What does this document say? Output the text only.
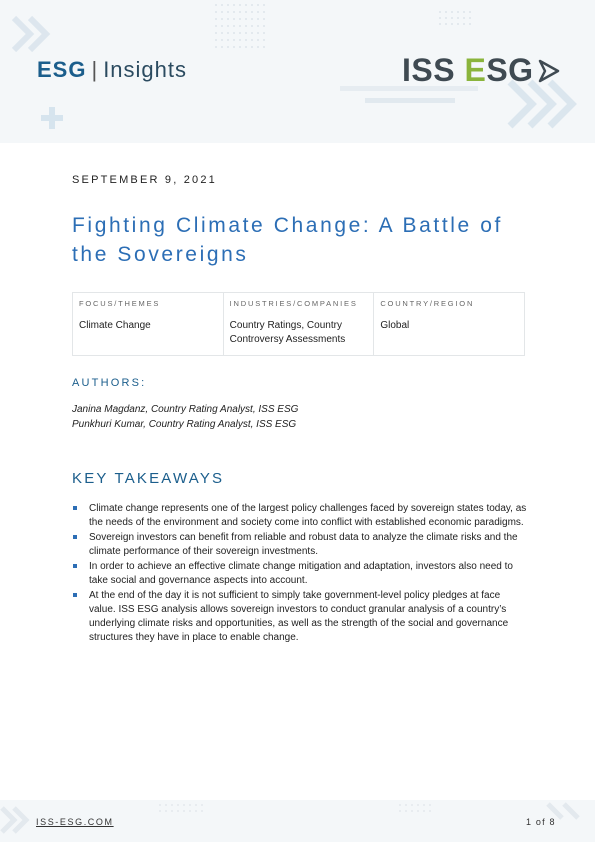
ESG | Insights	ISS E SG
SEPTEMBER 9, 2021
Fighting Climate Change: A Battle of the Sovereigns
FOCUS/THEMES
Climate Change
INDUSTRIES/COMPANIES
Country Ratings, Country Controversy Assessments
COUNTRY/REGION
Global
AUTHORS:
Janina Magdanz, Country Rating Analyst, ISS ESG
Punkhuri Kumar, Country Rating Analyst, ISS ESG
KEY TAKEAWAYS
Climate change represents one of the largest policy challenges faced by sovereign states today, as the needs of the environment and society come into conflict with established economic paradigms.
Sovereign investors can benefit from reliable and robust data to analyze the climate risks and the climate performance of their sovereign investments.
In order to achieve an effective climate change mitigation and adaptation, investors also need to take social and governance aspects into account.
At the end of the day it is not sufficient to simply take government-level policy pledges at face value. ISS ESG analysis allows sovereign investors to conduct granular analysis of a country’s underlying climate risks and opportunities, as well as the strength of the social and governance structures they have in place to enable change.
ISS-ESG.COM	1 of 8
